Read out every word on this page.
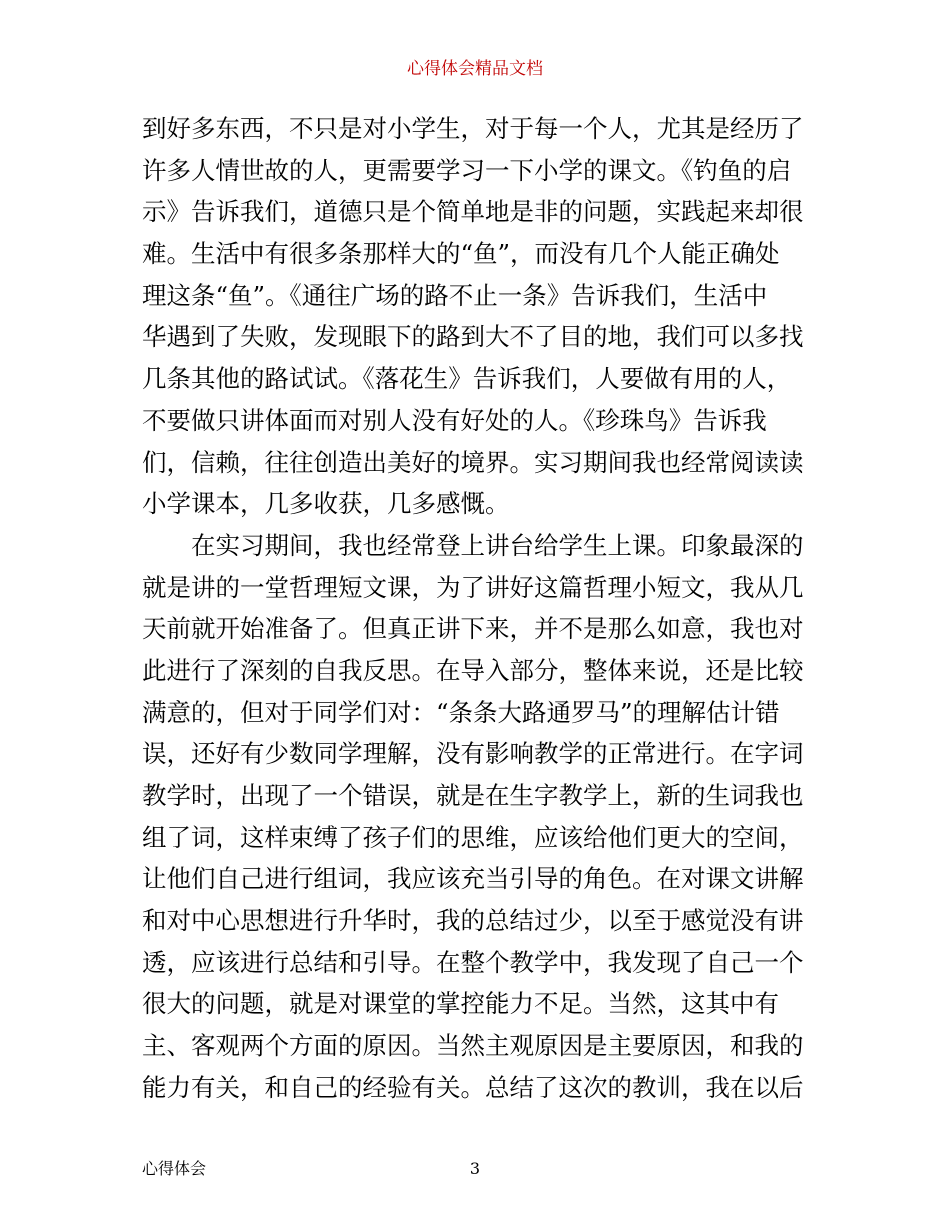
心得体会精品文档
到好多东西，不只是对小学生，对于每一个人，尤其是经历了
许多人情世故的人，更需要学习一下小学的课文。《钓鱼的启
示》告诉我们，道德只是个简单地是非的问题，实践起来却很
难。生活中有很多条那样大的“鱼”，而没有几个人能正确处
理这条“鱼”。《通往广场的路不止一条》告诉我们，生活中
华遇到了失败，发现眼下的路到大不了目的地，我们可以多找
几条其他的路试试。《落花生》告诉我们，人要做有用的人，
不要做只讲体面而对别人没有好处的人。《珍珠鸟》告诉我
们，信赖，往往创造出美好的境界。实习期间我也经常阅读读
小学课本，几多收获，几多感慨。
在实习期间，我也经常登上讲台给学生上课。印象最深的
就是讲的一堂哲理短文课，为了讲好这篇哲理小短文，我从几
天前就开始准备了。但真正讲下来，并不是那么如意，我也对
此进行了深刻的自我反思。在导入部分，整体来说，还是比较
满意的，但对于同学们对：“条条大路通罗马”的理解估计错
误，还好有少数同学理解，没有影响教学的正常进行。在字词
教学时，出现了一个错误，就是在生字教学上，新的生词我也
组了词，这样束缚了孩子们的思维，应该给他们更大的空间，
让他们自己进行组词，我应该充当引导的角色。在对课文讲解
和对中心思想进行升华时，我的总结过少，以至于感觉没有讲
透，应该进行总结和引导。在整个教学中，我发现了自己一个
很大的问题，就是对课堂的掌控能力不足。当然，这其中有
主、客观两个方面的原因。当然主观原因是主要原因，和我的
能力有关，和自己的经验有关。总结了这次的教训，我在以后
心得体会	3
